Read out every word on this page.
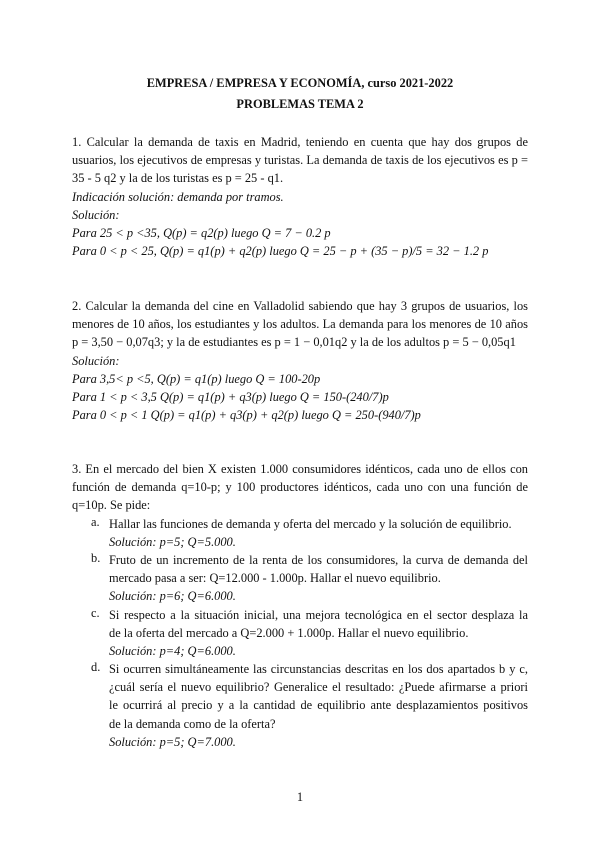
EMPRESA / EMPRESA Y ECONOMÍA, curso 2021-2022

PROBLEMAS TEMA 2

1. Calcular la demanda de taxis en Madrid, teniendo en cuenta que hay dos grupos de
usuarios, los ejecutivos de empresas y turistas. La demanda de taxis de los ejecutivos es p =
35 - 5 q2 y la de los turistas es p = 25 - q1.
Indicación solución: demanda por tramos.
Solución:
Para 25 < p <35, Q(p) = q2(p) luego Q = 7 − 0.2 p
Para 0 < p < 25, Q(p) = q1(p) + q2(p) luego Q = 25 − p + (35 − p)/5 = 32 − 1.2 p
2. Calcular la demanda del cine en Valladolid sabiendo que hay 3 grupos de usuarios, los
menores de 10 años, los estudiantes y los adultos. La demanda para los menores de 10 años
p = 3,50 − 0,07q3; y la de estudiantes es p = 1 − 0,01q2 y la de los adultos p = 5 − 0,05q1
Solución:
Para 3,5< p <5, Q(p) = q1(p) luego Q = 100-20p
Para 1 < p < 3,5 Q(p) = q1(p) + q3(p) luego Q = 150-(240/7)p
Para 0 < p < 1 Q(p) = q1(p) + q3(p) + q2(p) luego Q = 250-(940/7)p
3. En el mercado del bien X existen 1.000 consumidores idénticos, cada uno de ellos con
función de demanda q=10-p; y 100 productores idénticos, cada uno con una función de
q=10p. Se pide:
a. Hallar las funciones de demanda y oferta del mercado y la solución de equilibrio.
Solución: p=5; Q=5.000.
b. Fruto de un incremento de la renta de los consumidores, la curva de demanda del
mercado pasa a ser: Q=12.000 - 1.000p. Hallar el nuevo equilibrio.
Solución: p=6; Q=6.000.
c. Si respecto a la situación inicial, una mejora tecnológica en el sector desplaza la
de la oferta del mercado a Q=2.000 + 1.000p. Hallar el nuevo equilibrio.
Solución: p=4; Q=6.000.
d. Si ocurren simultáneamente las circunstancias descritas en los dos apartados b y c,
¿cuál sería el nuevo equilibrio? Generalice el resultado: ¿Puede afirmarse a priori
le ocurrirá al precio y a la cantidad de equilibrio ante desplazamientos positivos
de la demanda como de la oferta?
Solución: p=5; Q=7.000.
1
